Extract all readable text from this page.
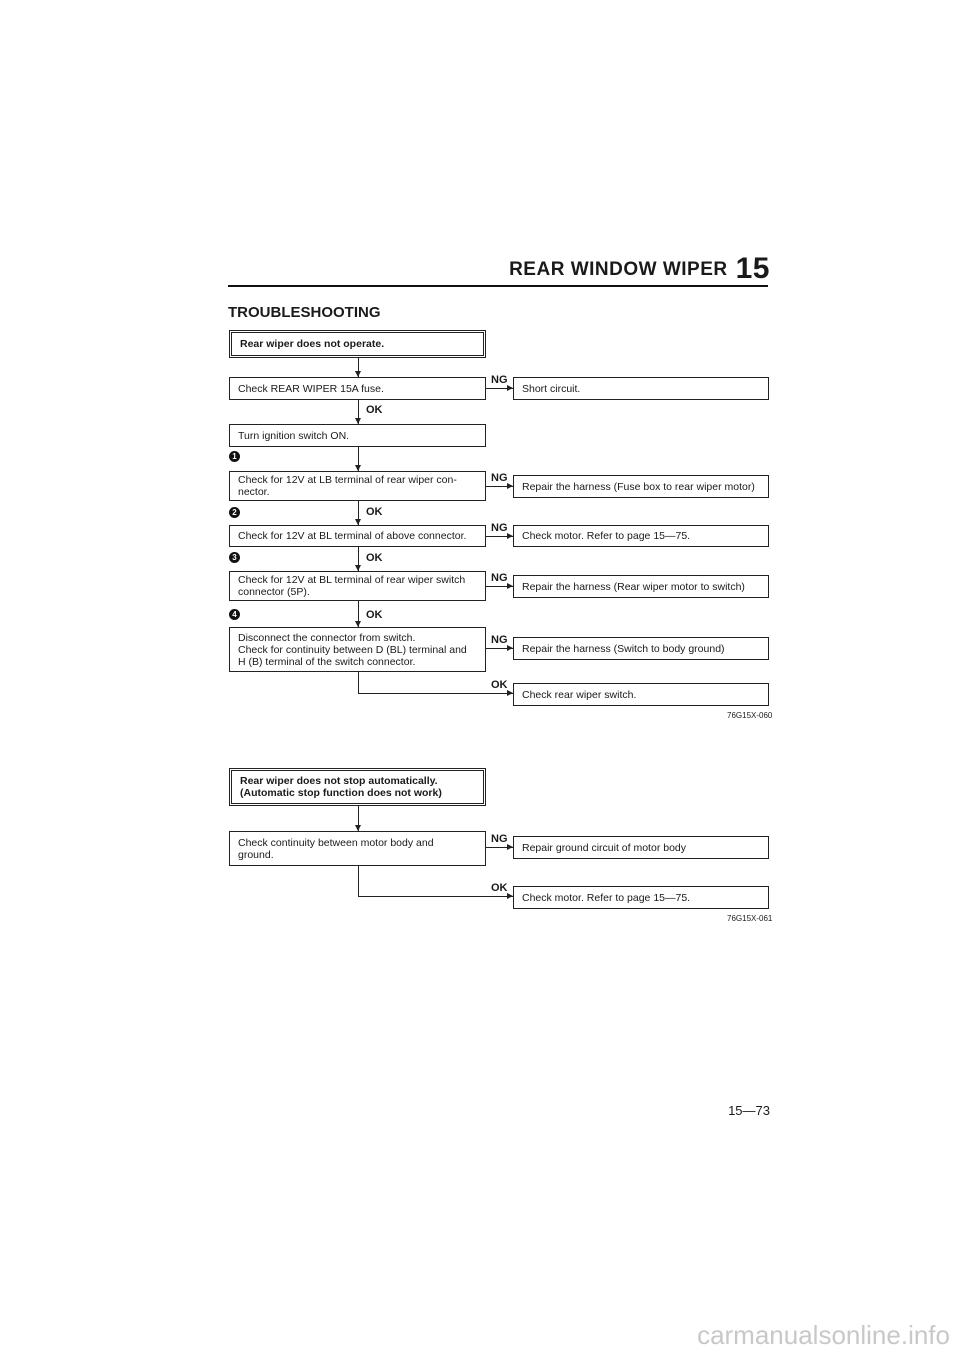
REAR WINDOW WIPER 15
TROUBLESHOOTING
Rear wiper does not operate.
Check REAR WIPER 15A fuse.
NG
Short circuit.
OK
Turn ignition switch ON.
1
Check for 12V at LB terminal of rear wiper con-
nector.
NG
Repair the harness (Fuse box to rear wiper motor)
OK
2
Check for 12V at BL terminal of above connector.
NG
Check motor. Refer to page 15—75.
OK
3
Check for 12V at BL terminal of rear wiper switch
connector (5P).
NG
Repair the harness (Rear wiper motor to switch)
OK
4
Disconnect the connector from switch.
Check for continuity between D (BL) terminal and
H (B) terminal of the switch connector.
NG
Repair the harness (Switch to body ground)
OK
Check rear wiper switch.
76G15X-060
Rear wiper does not stop automatically.
(Automatic stop function does not work)
Check continuity between motor body and
ground.
NG
Repair ground circuit of motor body
OK
Check motor. Refer to page 15—75.
76G15X-061
15—73
carmanualsonline.info
